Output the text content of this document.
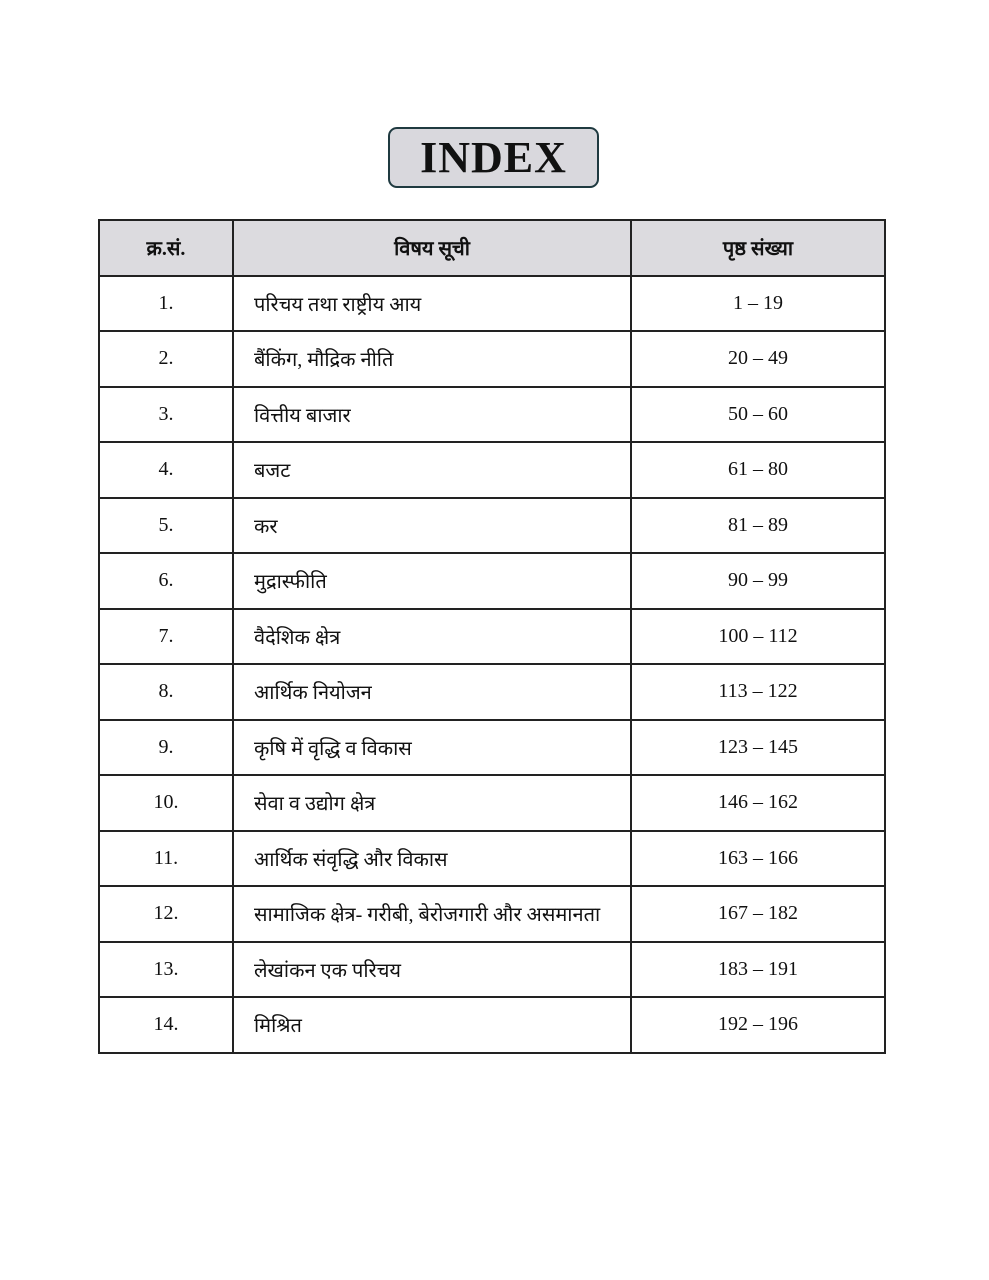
INDEX
क्र.सं.	विषय सूची	पृष्ठ संख्या
1.	परिचय तथा राष्ट्रीय आय	1 – 19
2.	बैंकिंग, मौद्रिक नीति	20 – 49
3.	वित्तीय बाजार	50 – 60
4.	बजट	61 – 80
5.	कर	81 – 89
6.	मुद्रास्फीति	90 – 99
7.	वैदेशिक क्षेत्र	100 – 112
8.	आर्थिक नियोजन	113 – 122
9.	कृषि में वृद्धि व विकास	123 – 145
10.	सेवा व उद्योग क्षेत्र	146 – 162
11.	आर्थिक संवृद्धि और विकास	163 – 166
12.	सामाजिक क्षेत्र- गरीबी, बेरोजगारी और असमानता	167 – 182
13.	लेखांकन एक परिचय	183 – 191
14.	मिश्रित	192 – 196
